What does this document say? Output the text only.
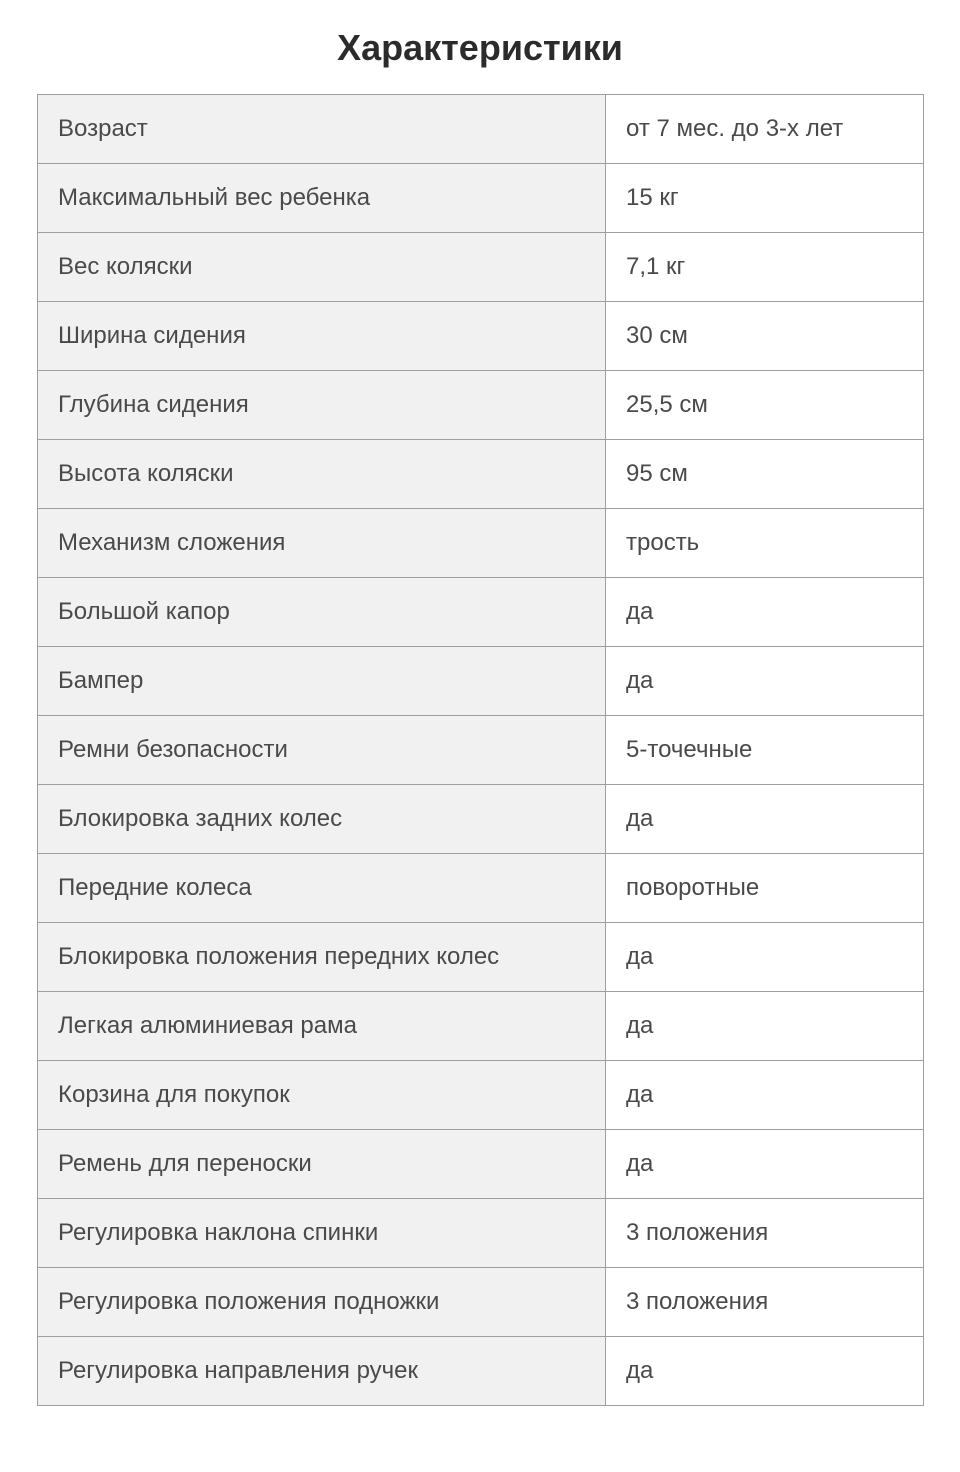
Характеристики
Возраст	от 7 мес. до 3-х лет
Максимальный вес ребенка	15 кг
Вес коляски	7,1 кг
Ширина сидения	30 см
Глубина сидения	25,5 см
Высота коляски	95 см
Механизм сложения	трость
Большой капор	да
Бампер	да
Ремни безопасности	5-точечные
Блокировка задних колес	да
Передние колеса	поворотные
Блокировка положения передних колес	да
Легкая алюминиевая рама	да
Корзина для покупок	да
Ремень для переноски	да
Регулировка наклона спинки	3 положения
Регулировка положения подножки	3 положения
Регулировка направления ручек	да
